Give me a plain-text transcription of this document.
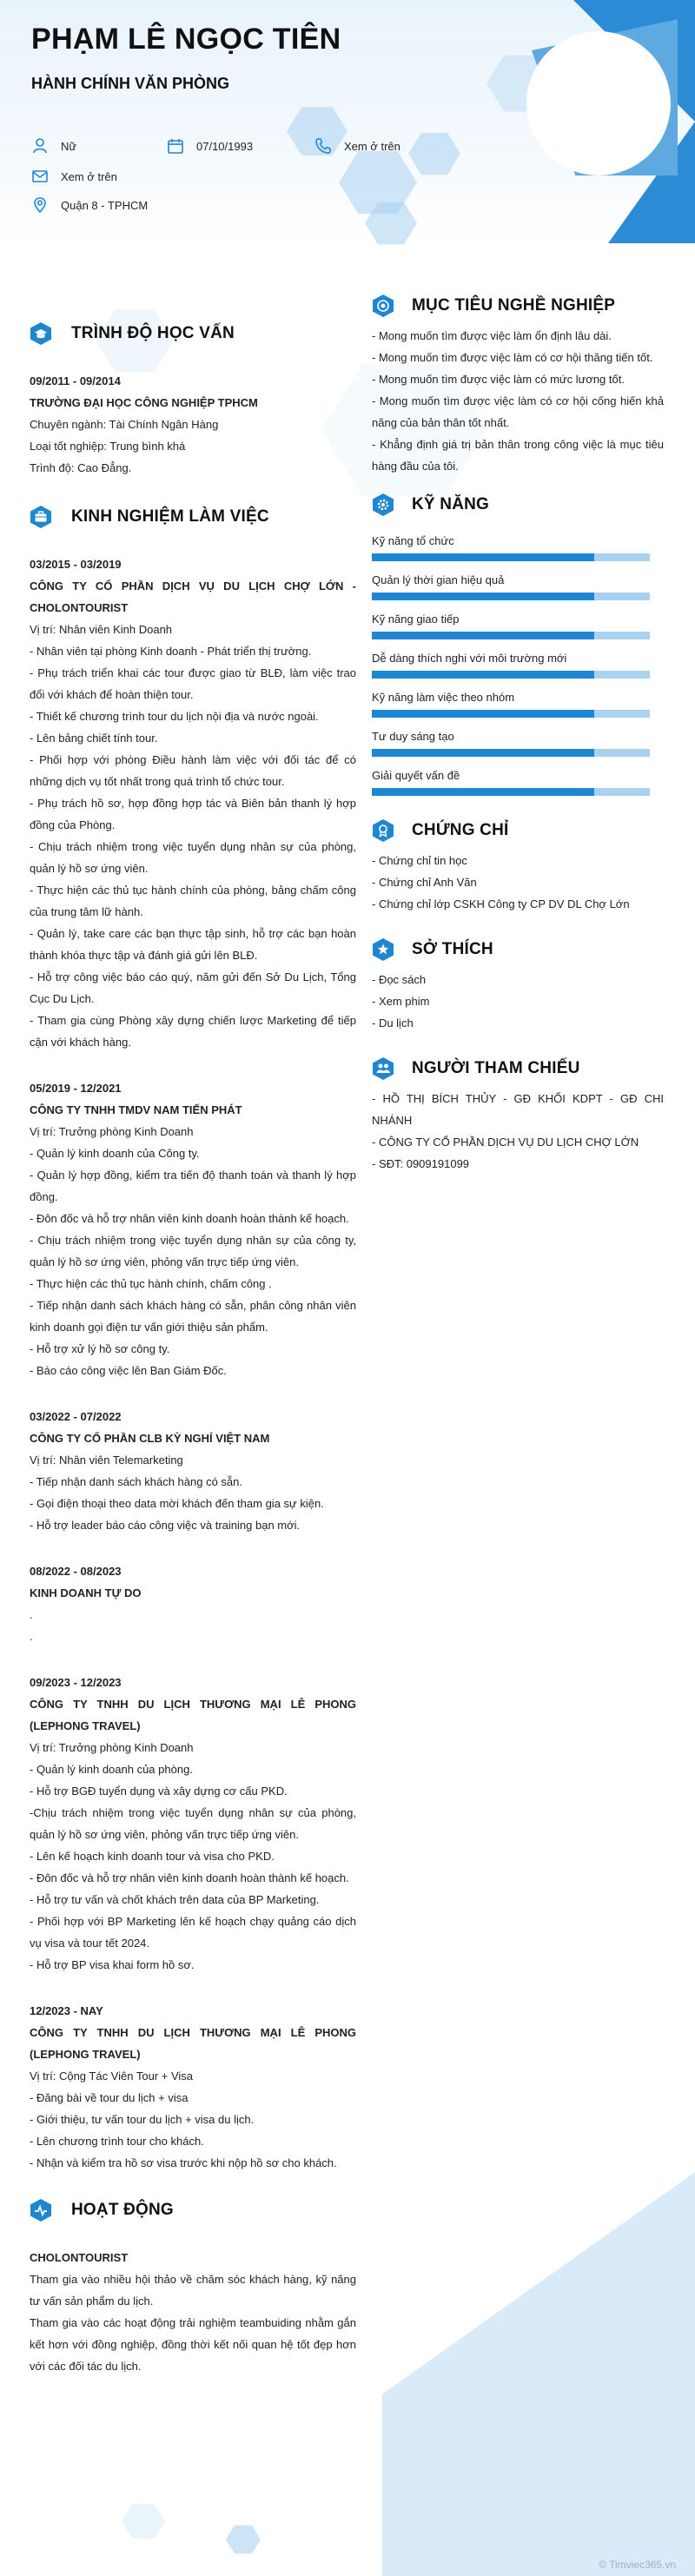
PHẠM LÊ NGỌC TIÊN
HÀNH CHÍNH VĂN PHÒNG
Nữ	07/10/1993	Xem ở trên
Xem ở trên
Quận 8 - TPHCM
TRÌNH ĐỘ HỌC VẤN
09/2011 - 09/2014
TRƯỜNG ĐẠI HỌC CÔNG NGHIỆP TPHCM
Chuyên ngành: Tài Chính Ngân Hàng
Loại tốt nghiệp: Trung bình khá
Trình độ: Cao Đẳng.
KINH NGHIỆM LÀM VIỆC
03/2015 - 03/2019
CÔNG TY CỔ PHẦN DỊCH VỤ DU LỊCH CHỢ LỚN - CHOLONTOURIST
Vị trí: Nhân viên Kinh Doanh
- Nhân viên tại phòng Kinh doanh - Phát triển thị trường.
- Phụ trách triển khai các tour được giao từ BLĐ, làm việc trao đổi với khách để hoàn thiện tour.
- Thiết kế chương trình tour du lịch nội địa và nước ngoài.
- Lên bảng chiết tính tour.
- Phối hợp với phòng Điều hành làm việc với đối tác để có những dịch vụ tốt nhất trong quá trình tổ chức tour.
- Phụ trách hồ sơ, hợp đồng hợp tác và Biên bản thanh lý hợp đồng của Phòng.
- Chịu trách nhiệm trong việc tuyển dụng nhân sự của phòng, quản lý hồ sơ ứng viên.
- Thực hiện các thủ tục hành chính của phòng, bảng chấm công của trung tâm lữ hành.
- Quản lý, take care các bạn thực tập sinh, hỗ trợ các bạn hoàn thành khóa thực tập và đánh giá gửi lên BLĐ.
- Hỗ trợ công việc báo cáo quý, năm gửi đến Sở Du Lịch, Tổng Cục Du Lịch.
- Tham gia cùng Phòng xây dựng chiến lược Marketing để tiếp cận với khách hàng.
05/2019 - 12/2021
CÔNG TY TNHH TMDV NAM TIẾN PHÁT
Vị trí: Trưởng phòng Kinh Doanh
- Quản lý kinh doanh của Công ty.
- Quản lý hợp đồng, kiểm tra tiến độ thanh toán và thanh lý hợp đồng.
- Đôn đốc và hỗ trợ nhân viên kinh doanh hoàn thành kế hoạch.
- Chịu trách nhiệm trong việc tuyển dụng nhân sự của công ty, quản lý hồ sơ ứng viên, phỏng vấn trực tiếp ứng viên.
- Thực hiện các thủ tục hành chính, chấm công .
- Tiếp nhận danh sách khách hàng có sẵn, phân công nhân viên kinh doanh gọi điện tư vấn giới thiệu sản phẩm.
- Hỗ trợ xử lý hồ sơ công ty.
- Báo cáo công việc lên Ban Giám Đốc.
03/2022 - 07/2022
CÔNG TY CỔ PHẦN CLB KỲ NGHỈ VIỆT NAM
Vị trí: Nhân viên Telemarketing
- Tiếp nhận danh sách khách hàng có sẵn.
- Gọi điện thoại theo data mời khách đến tham gia sự kiện.
- Hỗ trợ leader báo cáo công việc và training bạn mới.
08/2022 - 08/2023
KINH DOANH TỰ DO
.
.
09/2023 - 12/2023
CÔNG TY TNHH DU LỊCH THƯƠNG MẠI LÊ PHONG (LEPHONG TRAVEL)
Vị trí: Trưởng phòng Kinh Doanh
- Quản lý kinh doanh của phòng.
- Hỗ trợ BGĐ tuyển dụng và xây dựng cơ cấu PKD.
-Chịu trách nhiệm trong việc tuyển dụng nhân sự của phòng, quản lý hồ sơ ứng viên, phỏng vấn trực tiếp ứng viên.
- Lên kế hoạch kinh doanh tour và visa cho PKD.
- Đôn đốc và hỗ trợ nhân viên kinh doanh hoàn thành kế hoạch.
- Hỗ trợ tư vấn và chốt khách trên data của BP Marketing.
- Phối hợp với BP Marketing lên kế hoạch chạy quảng cáo dịch vụ visa và tour tết 2024.
- Hỗ trợ BP visa khai form hồ sơ.
12/2023 - NAY
CÔNG TY TNHH DU LỊCH THƯƠNG MẠI LÊ PHONG (LEPHONG TRAVEL)
Vị trí: Cộng Tác Viên Tour + Visa
- Đăng bài về tour du lịch + visa
- Giới thiệu, tư vấn tour du lịch + visa du lịch.
- Lên chương trình tour cho khách.
- Nhận và kiểm tra hồ sơ visa trước khi nộp hồ sơ cho khách.
HOẠT ĐỘNG
CHOLONTOURIST
Tham gia vào nhiều hội thảo về chăm sóc khách hàng, kỹ năng tư vấn sản phẩm du lịch.
Tham gia vào các hoạt động trải nghiệm teambuiding nhằm gắn kết hơn với đồng nghiệp, đồng thời kết nối quan hệ tốt đẹp hơn với các đối tác du lịch.
MỤC TIÊU NGHỀ NGHIỆP
- Mong muốn tìm được việc làm ổn định lâu dài.
- Mong muốn tìm được việc làm có cơ hội thăng tiến tốt.
- Mong muốn tìm được việc làm có mức lương tốt.
- Mong muốn tìm được việc làm có cơ hội cống hiến khả năng của bản thân tốt nhất.
- Khẳng định giá trị bản thân trong công việc là mục tiêu hàng đầu của tôi.
KỸ NĂNG
Kỹ năng tổ chức
Quản lý thời gian hiệu quả
Kỹ năng giao tiếp
Dễ dàng thích nghi với môi trường mới
Kỹ năng làm việc theo nhóm
Tư duy sáng tạo
Giải quyết vấn đề
CHỨNG CHỈ
- Chứng chỉ tin học
- Chứng chỉ Anh Văn
- Chứng chỉ lớp CSKH Công ty CP DV DL Chợ Lớn
SỞ THÍCH
- Đọc sách
- Xem phim
- Du lịch
NGƯỜI THAM CHIẾU
- HỒ THỊ BÍCH THỦY - GĐ KHỐI KDPT - GĐ CHI NHÁNH
- CÔNG TY CỔ PHẦN DỊCH VỤ DU LỊCH CHỢ LỚN
- SĐT: 0909191099
© Timviec365.vn
